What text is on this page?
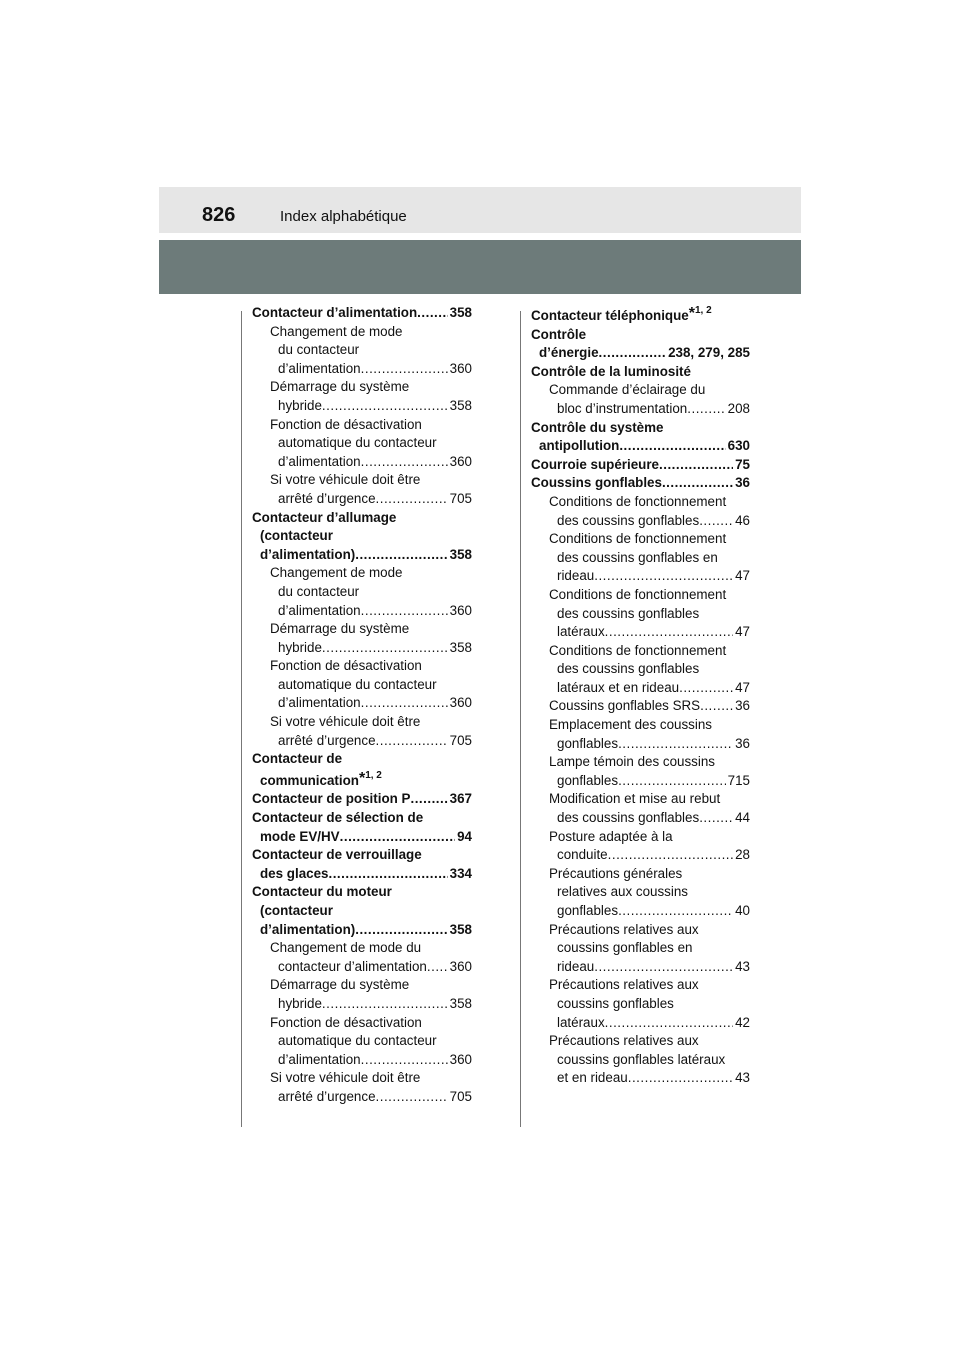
826	Index alphabétique
Contacteur d’alimentation ..... 358
Changement de mode
du contacteur
d’alimentation .....	360
Démarrage du système
hybride .....	358
Fonction de désactivation
automatique du contacteur
d’alimentation .....	360
Si votre véhicule doit être
arrêté d’urgence .....	705
Contacteur d’allumage
(contacteur
d’alimentation) .....	358
Changement de mode
du contacteur
d’alimentation .....	360
Démarrage du système
hybride .....	358
Fonction de désactivation
automatique du contacteur
d’alimentation .....	360
Si votre véhicule doit être
arrêté d’urgence .....	705
Contacteur de
communication*$^{1, 2}$
Contacteur de position P .....	367
Contacteur de sélection de
mode EV/HV .....	94
Contacteur de verrouillage
des glaces .....	334
Contacteur du moteur
(contacteur
d’alimentation) .....	358
Changement de mode du
contacteur d’alimentation ..... 360
Démarrage du système
hybride .....	358
Fonction de désactivation
automatique du contacteur
d’alimentation .....	360
Si votre véhicule doit être
arrêté d’urgence .....	705
Contacteur téléphonique*$^{1, 2}$
Contrôle
d’énergie .....	238, 279, 285
Contrôle de la luminosité
Commande d’éclairage du
bloc d’instrumentation .....	208
Contrôle du système
antipollution .....	630
Courroie supérieure .....	75
Coussins gonflables .....	36
Conditions de fonctionnement
des coussins gonflables .....	46
Conditions de fonctionnement
des coussins gonflables en
rideau .....	47
Conditions de fonctionnement
des coussins gonflables
latéraux .....	47
Conditions de fonctionnement
des coussins gonflables
latéraux et en rideau .....	47
Coussins gonflables SRS .....	36
Emplacement des coussins
gonflables .....	36
Lampe témoin des coussins
gonflables .....	715
Modification et mise au rebut
des coussins gonflables .....	44
Posture adaptée à la
conduite .....	28
Précautions générales
relatives aux coussins
gonflables .....	40
Précautions relatives aux
coussins gonflables en
rideau .....	43
Précautions relatives aux
coussins gonflables
latéraux .....	42
Précautions relatives aux
coussins gonflables latéraux
et en rideau .....	43
